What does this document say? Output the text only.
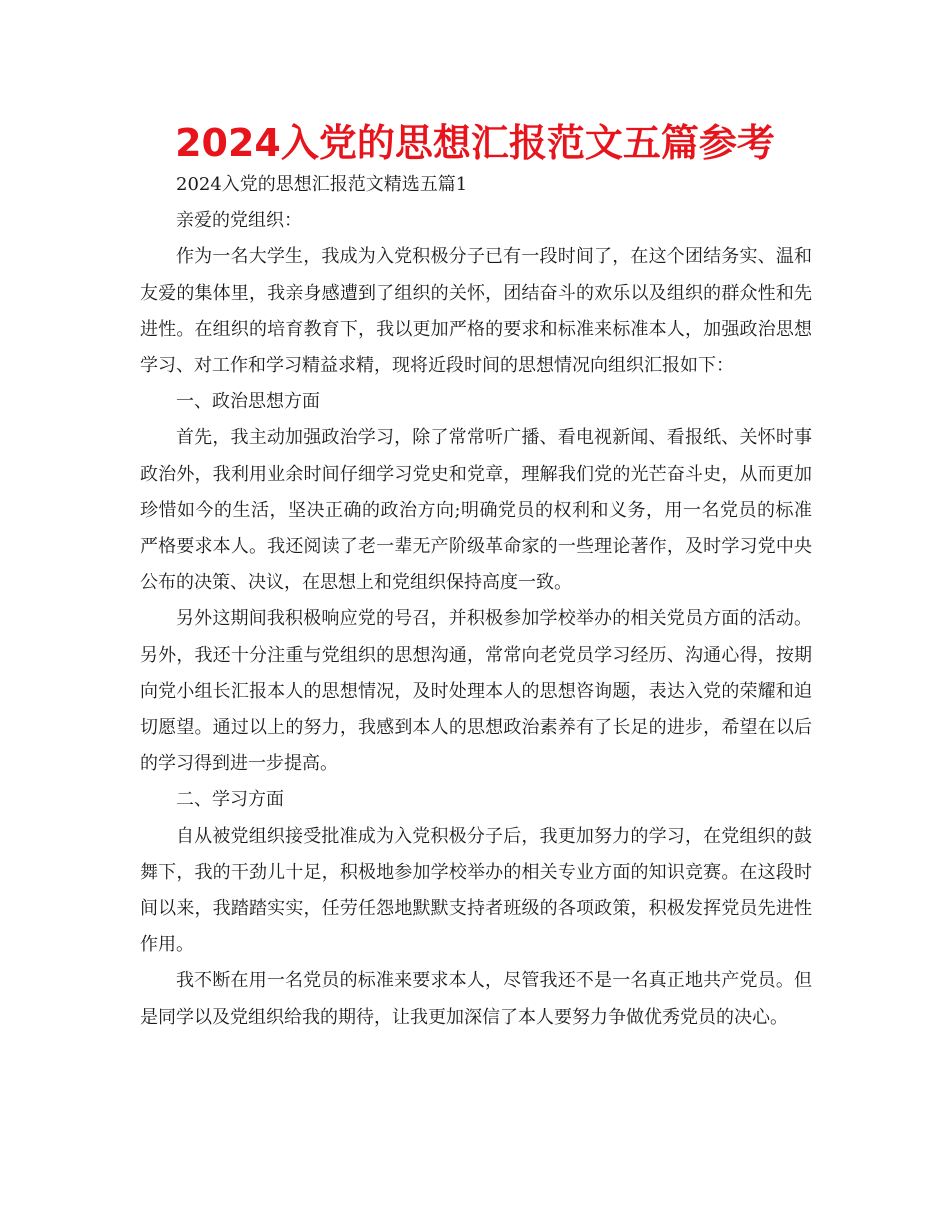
2024入党的思想汇报范文五篇参考

2024入党的思想汇报范文精选五篇1

亲爱的党组织：

作为一名大学生，我成为入党积极分子已有一段时间了，在这个团结务实、温和友爱的集体里，我亲身感遭到了组织的关怀，团结奋斗的欢乐以及组织的群众性和先进性。在组织的培育教育下，我以更加严格的要求和标准来标准本人，加强政治思想学习、对工作和学习精益求精，现将近段时间的思想情况向组织汇报如下：

一、政治思想方面

首先，我主动加强政治学习，除了常常听广播、看电视新闻、看报纸、关怀时事政治外，我利用业余时间仔细学习党史和党章，理解我们党的光芒奋斗史，从而更加珍惜如今的生活，坚决正确的政治方向;明确党员的权利和义务，用一名党员的标准严格要求本人。我还阅读了老一辈无产阶级革命家的一些理论著作，及时学习党中央公布的决策、决议，在思想上和党组织保持高度一致。

另外这期间我积极响应党的号召，并积极参加学校举办的相关党员方面的活动。另外，我还十分注重与党组织的思想沟通，常常向老党员学习经历、沟通心得，按期向党小组长汇报本人的思想情况，及时处理本人的思想咨询题，表达入党的荣耀和迫切愿望。通过以上的努力，我感到本人的思想政治素养有了长足的进步，希望在以后的学习得到进一步提高。

二、学习方面

自从被党组织接受批准成为入党积极分子后，我更加努力的学习，在党组织的鼓舞下，我的干劲儿十足，积极地参加学校举办的相关专业方面的知识竞赛。在这段时间以来，我踏踏实实，任劳任怨地默默支持者班级的各项政策，积极发挥党员先进性作用。

我不断在用一名党员的标准来要求本人，尽管我还不是一名真正地共产党员。但是同学以及党组织给我的期待，让我更加深信了本人要努力争做优秀党员的决心。
